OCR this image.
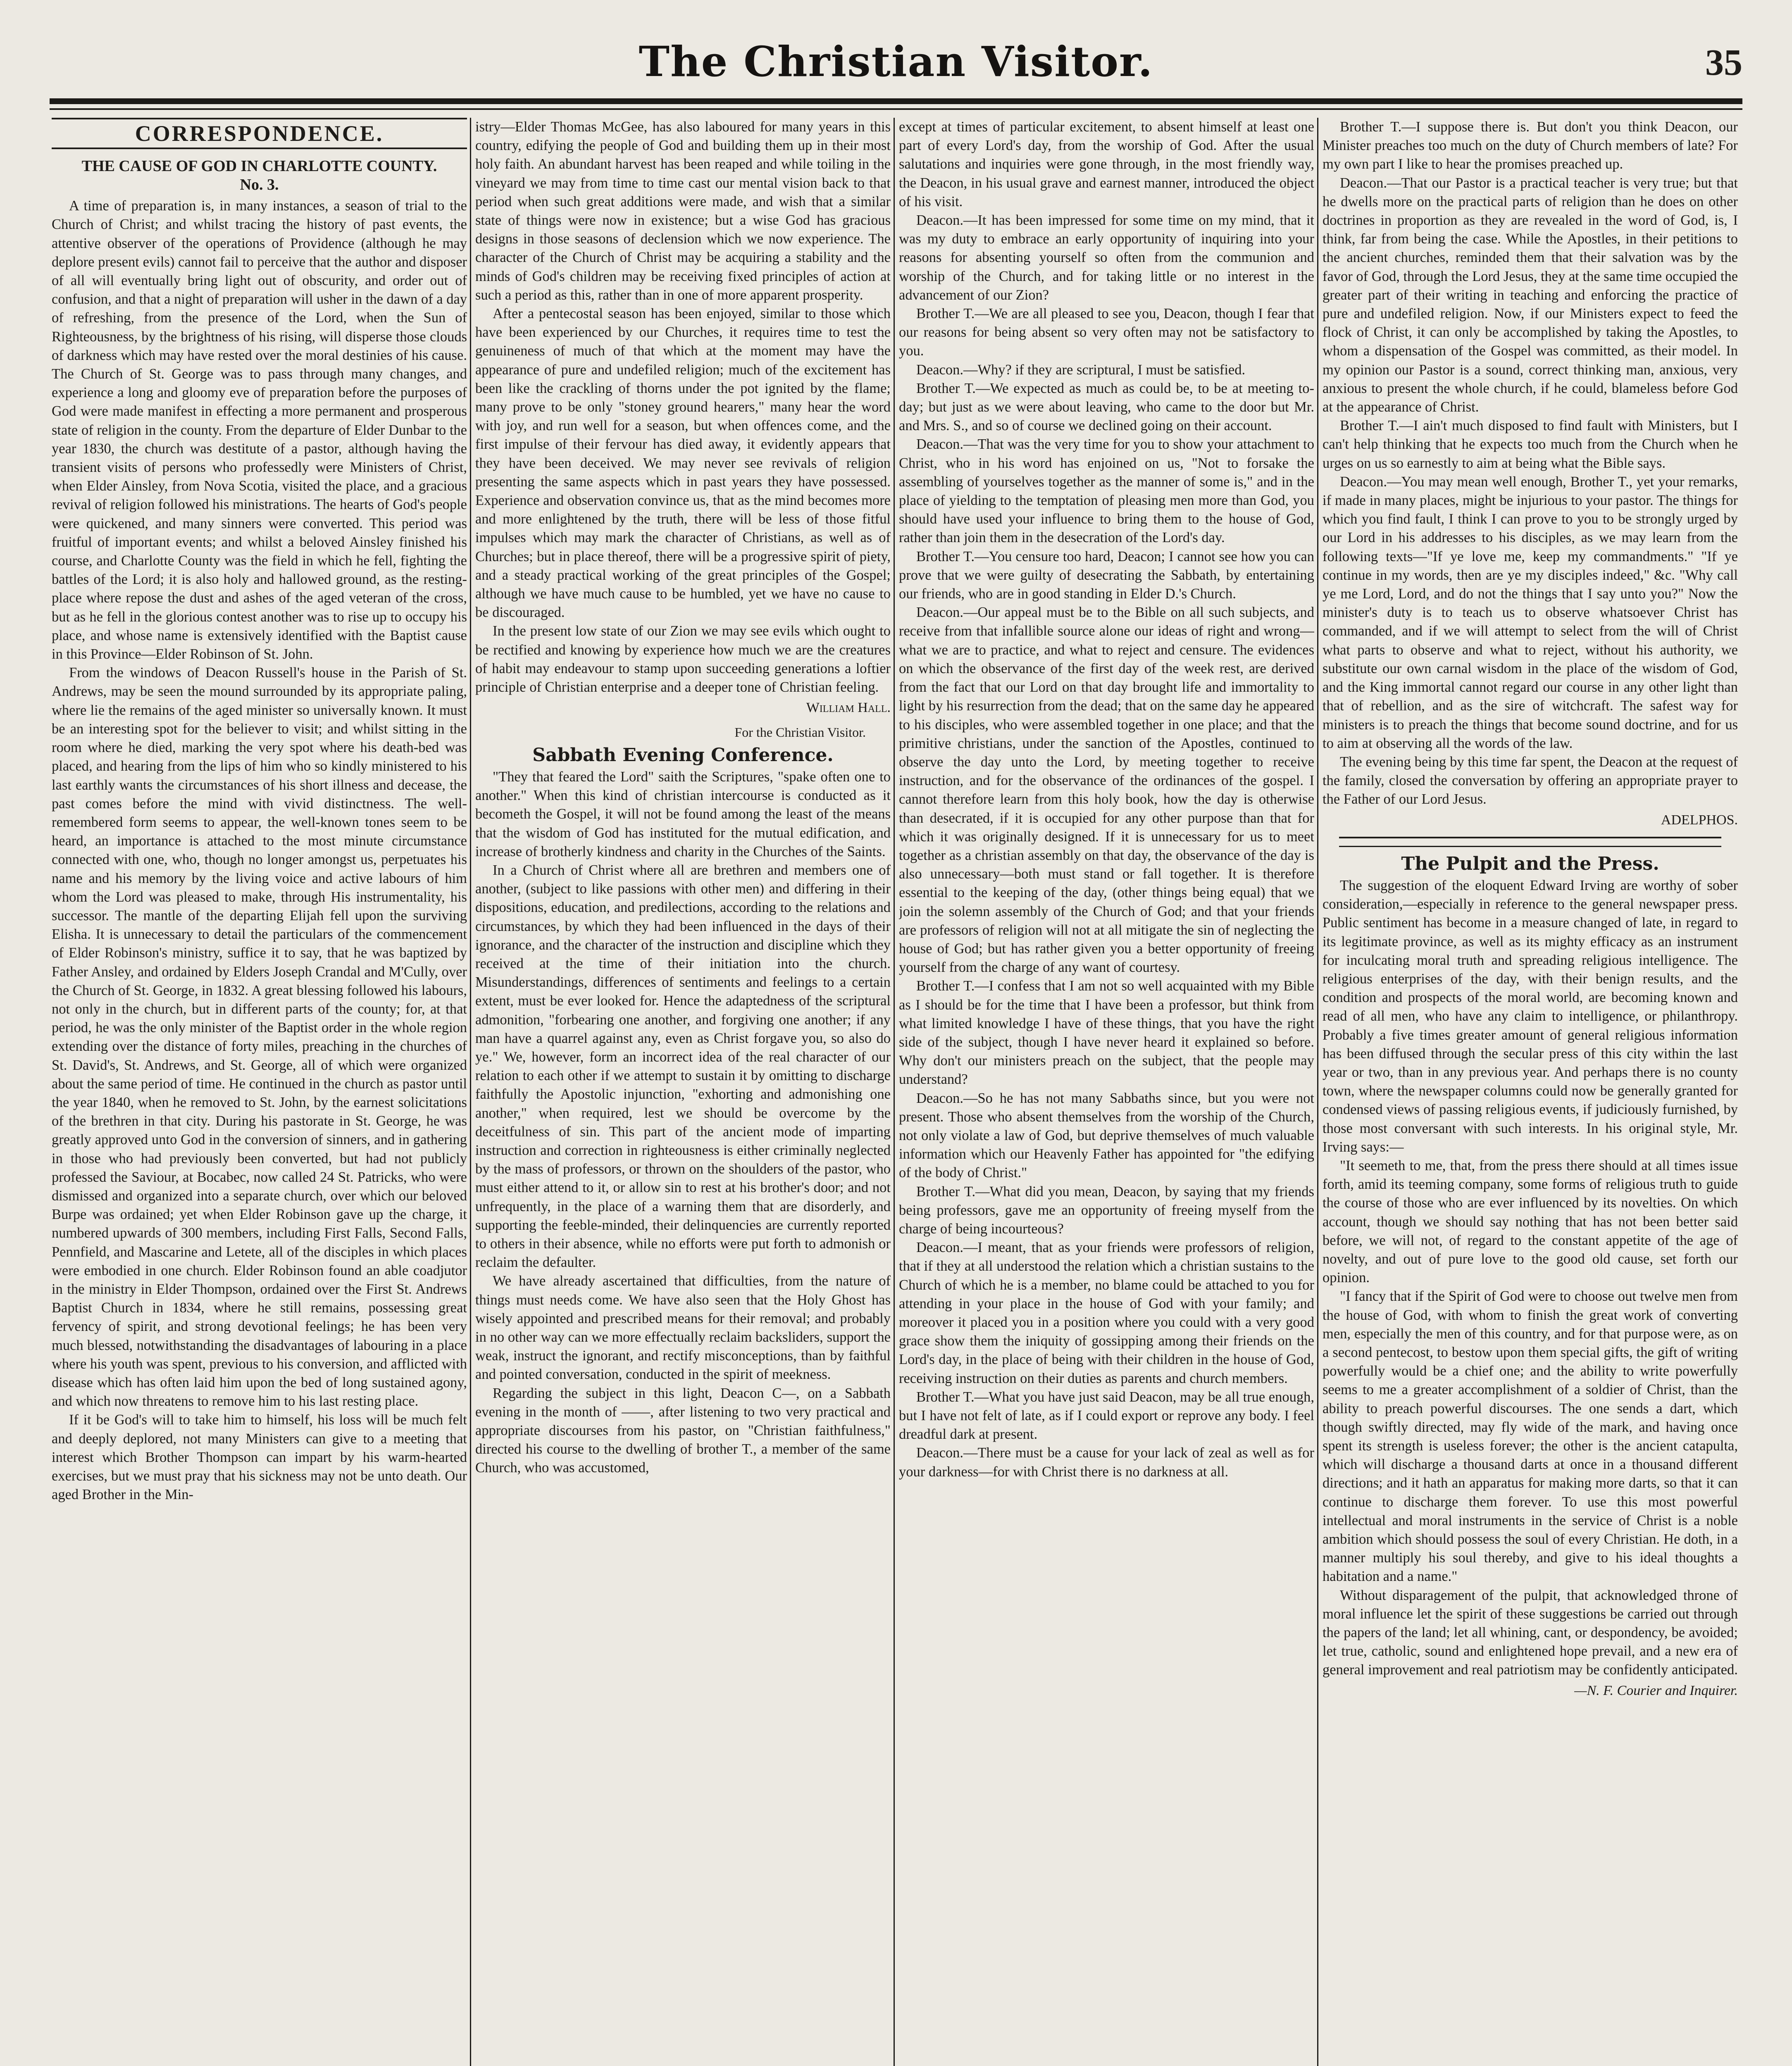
The Christian Visitor.	35
CORRESPONDENCE.
THE CAUSE OF GOD IN CHARLOTTE COUNTY.
No. 3.

A time of preparation is, in many instances, a season of trial to the Church of Christ; and whilst tracing the history of past events, the attentive observer of the operations of Providence (although he may deplore present evils) cannot fail to perceive that the author and disposer of all will eventually bring light out of obscurity, and order out of confusion, and that a night of preparation will usher in the dawn of a day of refreshing, from the presence of the Lord, when the Sun of Righteousness, by the brightness of his rising, will disperse those clouds of darkness which may have rested over the moral destinies of his cause. The Church of St. George was to pass through many changes, and experience a long and gloomy eve of preparation before the purposes of God were made manifest in effecting a more permanent and prosperous state of religion in the county. From the departure of Elder Dunbar to the year 1830, the church was destitute of a pastor, although having the transient visits of persons who professedly were Ministers of Christ, when Elder Ainsley, from Nova Scotia, visited the place, and a gracious revival of religion followed his ministrations. The hearts of God's people were quickened, and many sinners were converted. This period was fruitful of important events; and whilst a beloved Ainsley finished his course, and Charlotte County was the field in which he fell, fighting the battles of the Lord; it is also holy and hallowed ground, as the resting-place where repose the dust and ashes of the aged veteran of the cross, but as he fell in the glorious contest another was to rise up to occupy his place, and whose name is extensively identified with the Baptist cause in this Province—Elder Robinson of St. John.

From the windows of Deacon Russell's house in the Parish of St. Andrews, may be seen the mound surrounded by its appropriate paling, where lie the remains of the aged minister so universally known. It must be an interesting spot for the believer to visit; and whilst sitting in the room where he died, marking the very spot where his death-bed was placed, and hearing from the lips of him who so kindly ministered to his last earthly wants the circumstances of his short illness and decease, the past comes before the mind with vivid distinctness. The well-remembered form seems to appear, the well-known tones seem to be heard, an importance is attached to the most minute circumstance connected with one, who, though no longer amongst us, perpetuates his name and his memory by the living voice and active labours of him whom the Lord was pleased to make, through His instrumentality, his successor. The mantle of the departing Elijah fell upon the surviving Elisha. It is unnecessary to detail the particulars of the commencement of Elder Robinson's ministry, suffice it to say, that he was baptized by Father Ansley, and ordained by Elders Joseph Crandal and M'Cully, over the Church of St. George, in 1832. A great blessing followed his labours, not only in the church, but in different parts of the county; for, at that period, he was the only minister of the Baptist order in the whole region extending over the distance of forty miles, preaching in the churches of St. David's, St. Andrews, and St. George, all of which were organized about the same period of time. He continued in the church as pastor until the year 1840, when he removed to St. John, by the earnest solicitations of the brethren in that city. During his pastorate in St. George, he was greatly approved unto God in the conversion of sinners, and in gathering in those who had previously been converted, but had not publicly professed the Saviour, at Bocabec, now called 24 St. Patricks, who were dismissed and organized into a separate church, over which our beloved Burpe was ordained; yet when Elder Robinson gave up the charge, it numbered upwards of 300 members, including First Falls, Second Falls, Pennfield, and Mascarine and Letete, all of the disciples in which places were embodied in one church. Elder Robinson found an able coadjutor in the ministry in Elder Thompson, ordained over the First St. Andrews Baptist Church in 1834, where he still remains, possessing great fervency of spirit, and strong devotional feelings; he has been very much blessed, notwithstanding the disadvantages of labouring in a place where his youth was spent, previous to his conversion, and afflicted with disease which has often laid him upon the bed of long sustained agony, and which now threatens to remove him to his last resting place.

If it be God's will to take him to himself, his loss will be much felt and deeply deplored, not many Ministers can give to a meeting that interest which Brother Thompson can impart by his warm-hearted exercises, but we must pray that his sickness may not be unto death. Our aged Brother in the Min-

istry—Elder Thomas McGee, has also laboured for many years in this country, edifying the people of God and building them up in their most holy faith. An abundant harvest has been reaped and while toiling in the vineyard we may from time to time cast our mental vision back to that period when such great additions were made, and wish that a similar state of things were now in existence; but a wise God has gracious designs in those seasons of declension which we now experience. The character of the Church of Christ may be acquiring a stability and the minds of God's children may be receiving fixed principles of action at such a period as this, rather than in one of more apparent prosperity.

After a pentecostal season has been enjoyed, similar to those which have been experienced by our Churches, it requires time to test the genuineness of much of that which at the moment may have the appearance of pure and undefiled religion; much of the excitement has been like the crackling of thorns under the pot ignited by the flame; many prove to be only "stoney ground hearers," many hear the word with joy, and run well for a season, but when offences come, and the first impulse of their fervour has died away, it evidently appears that they have been deceived. We may never see revivals of religion presenting the same aspects which in past years they have possessed. Experience and observation convince us, that as the mind becomes more and more enlightened by the truth, there will be less of those fitful impulses which may mark the character of Christians, as well as of Churches; but in place thereof, there will be a progressive spirit of piety, and a steady practical working of the great principles of the Gospel; although we have much cause to be humbled, yet we have no cause to be discouraged.

In the present low state of our Zion we may see evils which ought to be rectified and knowing by experience how much we are the creatures of habit may endeavour to stamp upon succeeding generations a loftier principle of Christian enterprise and a deeper tone of Christian feeling.

William Hall.
For the Christian Visitor.
Sabbath Evening Conference.

"They that feared the Lord" saith the Scriptures, "spake often one to another." When this kind of christian intercourse is conducted as it becometh the Gospel, it will not be found among the least of the means that the wisdom of God has instituted for the mutual edification, and increase of brotherly kindness and charity in the Churches of the Saints.

In a Church of Christ where all are brethren and members one of another, (subject to like passions with other men) and differing in their dispositions, education, and predilections, according to the relations and circumstances, by which they had been influenced in the days of their ignorance, and the character of the instruction and discipline which they received at the time of their initiation into the church. Misunderstandings, differences of sentiments and feelings to a certain extent, must be ever looked for. Hence the adaptedness of the scriptural admonition, "forbearing one another, and forgiving one another; if any man have a quarrel against any, even as Christ forgave you, so also do ye." We, however, form an incorrect idea of the real character of our relation to each other if we attempt to sustain it by omitting to discharge faithfully the Apostolic injunction, "exhorting and admonishing one another," when required, lest we should be overcome by the deceitfulness of sin. This part of the ancient mode of imparting instruction and correction in righteousness is either criminally neglected by the mass of professors, or thrown on the shoulders of the pastor, who must either attend to it, or allow sin to rest at his brother's door; and not unfrequently, in the place of a warning them that are disorderly, and supporting the feeble-minded, their delinquencies are currently reported to others in their absence, while no efforts were put forth to admonish or reclaim the defaulter.

We have already ascertained that difficulties, from the nature of things must needs come. We have also seen that the Holy Ghost has wisely appointed and prescribed means for their removal; and probably in no other way can we more effectually reclaim backsliders, support the weak, instruct the ignorant, and rectify misconceptions, than by faithful and pointed conversation, conducted in the spirit of meekness.

Regarding the subject in this light, Deacon C—, on a Sabbath evening in the month of ——, after listening to two very practical and appropriate discourses from his pastor, on "Christian faithfulness," directed his course to the dwelling of brother T., a member of the same Church, who was accustomed,

except at times of particular excitement, to absent himself at least one part of every Lord's day, from the worship of God. After the usual salutations and inquiries were gone through, in the most friendly way, the Deacon, in his usual grave and earnest manner, introduced the object of his visit.

Deacon.—It has been impressed for some time on my mind, that it was my duty to embrace an early opportunity of inquiring into your reasons for absenting yourself so often from the communion and worship of the Church, and for taking little or no interest in the advancement of our Zion?

Brother T.—We are all pleased to see you, Deacon, though I fear that our reasons for being absent so very often may not be satisfactory to you.

Deacon.—Why? if they are scriptural, I must be satisfied.

Brother T.—We expected as much as could be, to be at meeting to-day; but just as we were about leaving, who came to the door but Mr. and Mrs. S., and so of course we declined going on their account.

Deacon.—That was the very time for you to show your attachment to Christ, who in his word has enjoined on us, "Not to forsake the assembling of yourselves together as the manner of some is," and in the place of yielding to the temptation of pleasing men more than God, you should have used your influence to bring them to the house of God, rather than join them in the desecration of the Lord's day.

Brother T.—You censure too hard, Deacon; I cannot see how you can prove that we were guilty of desecrating the Sabbath, by entertaining our friends, who are in good standing in Elder D.'s Church.

Deacon.—Our appeal must be to the Bible on all such subjects, and receive from that infallible source alone our ideas of right and wrong—what we are to practice, and what to reject and censure. The evidences on which the observance of the first day of the week rest, are derived from the fact that our Lord on that day brought life and immortality to light by his resurrection from the dead; that on the same day he appeared to his disciples, who were assembled together in one place; and that the primitive christians, under the sanction of the Apostles, continued to observe the day unto the Lord, by meeting together to receive instruction, and for the observance of the ordinances of the gospel. I cannot therefore learn from this holy book, how the day is otherwise than desecrated, if it is occupied for any other purpose than that for which it was originally designed. If it is unnecessary for us to meet together as a christian assembly on that day, the observance of the day is also unnecessary—both must stand or fall together. It is therefore essential to the keeping of the day, (other things being equal) that we join the solemn assembly of the Church of God; and that your friends are professors of religion will not at all mitigate the sin of neglecting the house of God; but has rather given you a better opportunity of freeing yourself from the charge of any want of courtesy.

Brother T.—I confess that I am not so well acquainted with my Bible as I should be for the time that I have been a professor, but think from what limited knowledge I have of these things, that you have the right side of the subject, though I have never heard it explained so before. Why don't our ministers preach on the subject, that the people may understand?

Deacon.—So he has not many Sabbaths since, but you were not present. Those who absent themselves from the worship of the Church, not only violate a law of God, but deprive themselves of much valuable information which our Heavenly Father has appointed for "the edifying of the body of Christ."

Brother T.—What did you mean, Deacon, by saying that my friends being professors, gave me an opportunity of freeing myself from the charge of being incourteous?

Deacon.—I meant, that as your friends were professors of religion, that if they at all understood the relation which a christian sustains to the Church of which he is a member, no blame could be attached to you for attending in your place in the house of God with your family; and moreover it placed you in a position where you could with a very good grace show them the iniquity of gossipping among their friends on the Lord's day, in the place of being with their children in the house of God, receiving instruction on their duties as parents and church members.

Brother T.—What you have just said Deacon, may be all true enough, but I have not felt of late, as if I could export or reprove any body. I feel dreadful dark at present.

Deacon.—There must be a cause for your lack of zeal as well as for your darkness—for with Christ there is no darkness at all.

Brother T.—I suppose there is. But don't you think Deacon, our Minister preaches too much on the duty of Church members of late? For my own part I like to hear the promises preached up.

Deacon.—That our Pastor is a practical teacher is very true; but that he dwells more on the practical parts of religion than he does on other doctrines in proportion as they are revealed in the word of God, is, I think, far from being the case. While the Apostles, in their petitions to the ancient churches, reminded them that their salvation was by the favor of God, through the Lord Jesus, they at the same time occupied the greater part of their writing in teaching and enforcing the practice of pure and undefiled religion. Now, if our Ministers expect to feed the flock of Christ, it can only be accomplished by taking the Apostles, to whom a dispensation of the Gospel was committed, as their model. In my opinion our Pastor is a sound, correct thinking man, anxious, very anxious to present the whole church, if he could, blameless before God at the appearance of Christ.

Brother T.—I ain't much disposed to find fault with Ministers, but I can't help thinking that he expects too much from the Church when he urges on us so earnestly to aim at being what the Bible says.

Deacon.—You may mean well enough, Brother T., yet your remarks, if made in many places, might be injurious to your pastor. The things for which you find fault, I think I can prove to you to be strongly urged by our Lord in his addresses to his disciples, as we may learn from the following texts—"If ye love me, keep my commandments." "If ye continue in my words, then are ye my disciples indeed," &c. "Why call ye me Lord, Lord, and do not the things that I say unto you?" Now the minister's duty is to teach us to observe whatsoever Christ has commanded, and if we will attempt to select from the will of Christ what parts to observe and what to reject, without his authority, we substitute our own carnal wisdom in the place of the wisdom of God, and the King immortal cannot regard our course in any other light than that of rebellion, and as the sire of witchcraft. The safest way for ministers is to preach the things that become sound doctrine, and for us to aim at observing all the words of the law.

The evening being by this time far spent, the Deacon at the request of the family, closed the conversation by offering an appropriate prayer to the Father of our Lord Jesus.

ADELPHOS.
The Pulpit and the Press.

The suggestion of the eloquent Edward Irving are worthy of sober consideration,—especially in reference to the general newspaper press. Public sentiment has become in a measure changed of late, in regard to its legitimate province, as well as its mighty efficacy as an instrument for inculcating moral truth and spreading religious intelligence. The religious enterprises of the day, with their benign results, and the condition and prospects of the moral world, are becoming known and read of all men, who have any claim to intelligence, or philanthropy. Probably a five times greater amount of general religious information has been diffused through the secular press of this city within the last year or two, than in any previous year. And perhaps there is no county town, where the newspaper columns could now be generally granted for condensed views of passing religious events, if judiciously furnished, by those most conversant with such interests. In his original style, Mr. Irving says:—

"It seemeth to me, that, from the press there should at all times issue forth, amid its teeming company, some forms of religious truth to guide the course of those who are ever influenced by its novelties. On which account, though we should say nothing that has not been better said before, we will not, of regard to the constant appetite of the age of novelty, and out of pure love to the good old cause, set forth our opinion.

"I fancy that if the Spirit of God were to choose out twelve men from the house of God, with whom to finish the great work of converting men, especially the men of this country, and for that purpose were, as on a second pentecost, to bestow upon them special gifts, the gift of writing powerfully would be a chief one; and the ability to write powerfully seems to me a greater accomplishment of a soldier of Christ, than the ability to preach powerful discourses. The one sends a dart, which though swiftly directed, may fly wide of the mark, and having once spent its strength is useless forever; the other is the ancient catapulta, which will discharge a thousand darts at once in a thousand different directions; and it hath an apparatus for making more darts, so that it can continue to discharge them forever. To use this most powerful intellectual and moral instruments in the service of Christ is a noble ambition which should possess the soul of every Christian. He doth, in a manner multiply his soul thereby, and give to his ideal thoughts a habitation and a name."

Without disparagement of the pulpit, that acknowledged throne of moral influence let the spirit of these suggestions be carried out through the papers of the land; let all whining, cant, or despondency, be avoided; let true, catholic, sound and enlightened hope prevail, and a new era of general improvement and real patriotism may be confidently anticipated.

—N. F. Courier and Inquirer.
